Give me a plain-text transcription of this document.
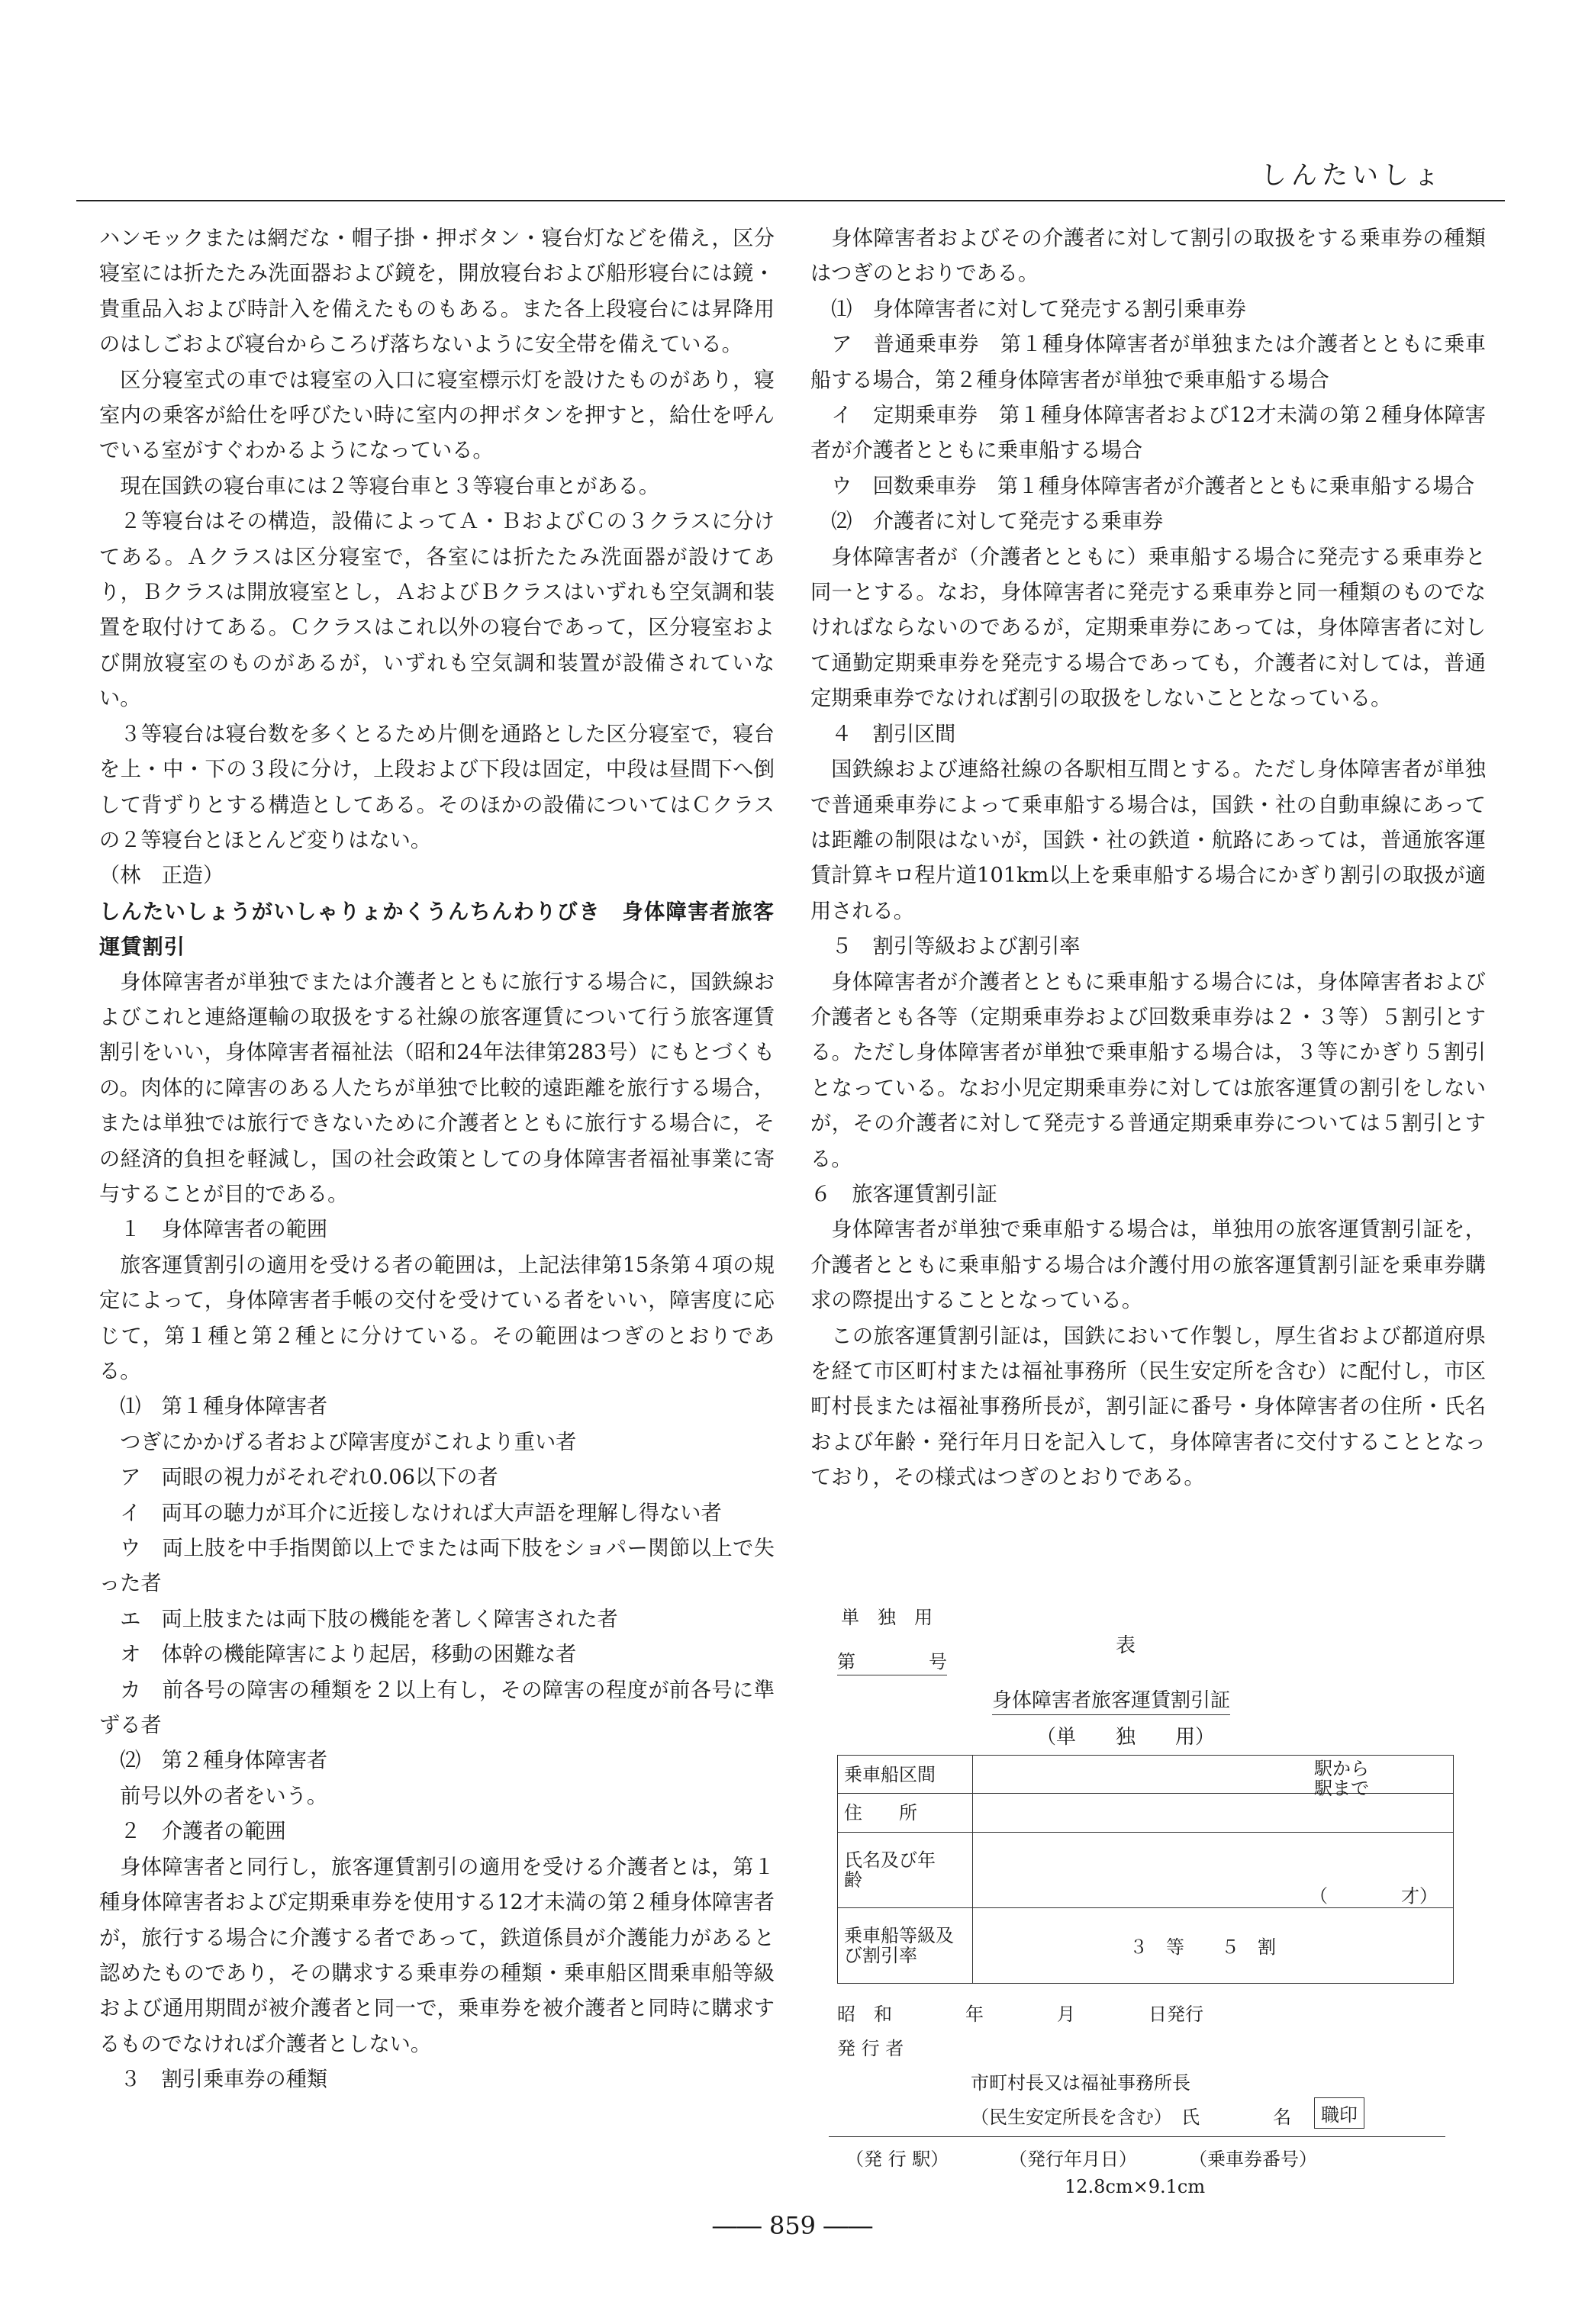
しんたいしょ

ハンモックまたは網だな・帽子掛・押ボタン・寝台灯などを備え，区分寝室には折たたみ洗面器および鏡を，開放寝台および船形寝台には鏡・貴重品入および時計入を備えたものもある。また各上段寝台には昇降用のはしごおよび寝台からころげ落ちないように安全帯を備えている。

区分寝室式の車では寝室の入口に寝室標示灯を設けたものがあり，寝室内の乗客が給仕を呼びたい時に室内の押ボタンを押すと，給仕を呼んでいる室がすぐわかるようになっている。

現在国鉄の寝台車には２等寝台車と３等寝台車とがある。

２等寝台はその構造，設備によってＡ・ＢおよびＣの３クラスに分けてある。Ａクラスは区分寝室で，各室には折たたみ洗面器が設けてあり，Ｂクラスは開放寝室とし，ＡおよびＢクラスはいずれも空気調和装置を取付けてある。Ｃクラスはこれ以外の寝台であって，区分寝室および開放寝室のものがあるが，いずれも空気調和装置が設備されていない。

３等寝台は寝台数を多くとるため片側を通路とした区分寝室で，寝台を上・中・下の３段に分け，上段および下段は固定，中段は昼間下へ倒して背ずりとする構造としてある。そのほかの設備についてはＣクラスの２等寝台とほとんど変りはない。

（林　正造）

しんたいしょうがいしゃりょかくうんちんわりびき　身体障害者旅客運賃割引

身体障害者が単独でまたは介護者とともに旅行する場合に，国鉄線およびこれと連絡運輸の取扱をする社線の旅客運賃について行う旅客運賃割引をいい，身体障害者福祉法（昭和24年法律第283号）にもとづくもの。肉体的に障害のある人たちが単独で比較的遠距離を旅行する場合，または単独では旅行できないために介護者とともに旅行する場合に，その経済的負担を軽減し，国の社会政策としての身体障害者福祉事業に寄与することが目的である。

１　身体障害者の範囲

旅客運賃割引の適用を受ける者の範囲は，上記法律第15条第４項の規定によって，身体障害者手帳の交付を受けている者をいい，障害度に応じて，第１種と第２種とに分けている。その範囲はつぎのとおりである。

⑴　第１種身体障害者

つぎにかかげる者および障害度がこれより重い者

ア　両眼の視力がそれぞれ0.06以下の者

イ　両耳の聴力が耳介に近接しなければ大声語を理解し得ない者

ウ　両上肢を中手指関節以上でまたは両下肢をショパー関節以上で失った者

エ　両上肢または両下肢の機能を著しく障害された者

オ　体幹の機能障害により起居，移動の困難な者

カ　前各号の障害の種類を２以上有し，その障害の程度が前各号に準ずる者

⑵　第２種身体障害者

前号以外の者をいう。

２　介護者の範囲

身体障害者と同行し，旅客運賃割引の適用を受ける介護者とは，第１種身体障害者および定期乗車券を使用する12才未満の第２種身体障害者が，旅行する場合に介護する者であって，鉄道係員が介護能力があると認めたものであり，その購求する乗車券の種類・乗車船区間乗車船等級および通用期間が被介護者と同一で，乗車券を被介護者と同時に購求するものでなければ介護者としない。

３　割引乗車券の種類

身体障害者およびその介護者に対して割引の取扱をする乗車券の種類はつぎのとおりである。

⑴　身体障害者に対して発売する割引乗車券

ア　普通乗車券　第１種身体障害者が単独または介護者とともに乗車船する場合，第２種身体障害者が単独で乗車船する場合

イ　定期乗車券　第１種身体障害者および12才未満の第２種身体障害者が介護者とともに乗車船する場合

ウ　回数乗車券　第１種身体障害者が介護者とともに乗車船する場合

⑵　介護者に対して発売する乗車券

身体障害者が（介護者とともに）乗車船する場合に発売する乗車券と同一とする。なお，身体障害者に発売する乗車券と同一種類のものでなければならないのであるが，定期乗車券にあっては，身体障害者に対して通勤定期乗車券を発売する場合であっても，介護者に対しては，普通定期乗車券でなければ割引の取扱をしないこととなっている。

４　割引区間

国鉄線および連絡社線の各駅相互間とする。ただし身体障害者が単独で普通乗車券によって乗車船する場合は，国鉄・社の自動車線にあっては距離の制限はないが，国鉄・社の鉄道・航路にあっては，普通旅客運賃計算キロ程片道101km以上を乗車船する場合にかぎり割引の取扱が適用される。

５　割引等級および割引率

身体障害者が介護者とともに乗車船する場合には，身体障害者および介護者とも各等（定期乗車券および回数乗車券は２・３等）５割引とする。ただし身体障害者が単独で乗車船する場合は，３等にかぎり５割引となっている。なお小児定期乗車券に対しては旅客運賃の割引をしないが，その介護者に対して発売する普通定期乗車券については５割引とする。

６　旅客運賃割引証

身体障害者が単独で乗車船する場合は，単独用の旅客運賃割引証を，介護者とともに乗車船する場合は介護付用の旅客運賃割引証を乗車券購求の際提出することとなっている。

この旅客運賃割引証は，国鉄において作製し，厚生省および都道府県を経て市区町村または福祉事務所（民生安定所を含む）に配付し，市区町村長または福祉事務所長が，割引証に番号・身体障害者の住所・氏名および年齢・発行年月日を記入して，身体障害者に交付することとなっており，その様式はつぎのとおりである。

単　独　用
表
第　　　　号
身体障害者旅客運賃割引証
（単　　独　　用）
乗車船区間	駅から
駅まで

住　　所	
氏名及び年　　齢	（　　　　才）
乗車船等級及び割引率	３　等　　５　割
昭　和　　　　年　　　　月　　　　日発行
発 行 者
市町村長又は福祉事務所長
（民生安定所長を含む）　氏　　　　名	職印
（発 行 駅）	（発行年月日）	（乗車券番号）
12.8cm×9.1cm
―― 859 ――
